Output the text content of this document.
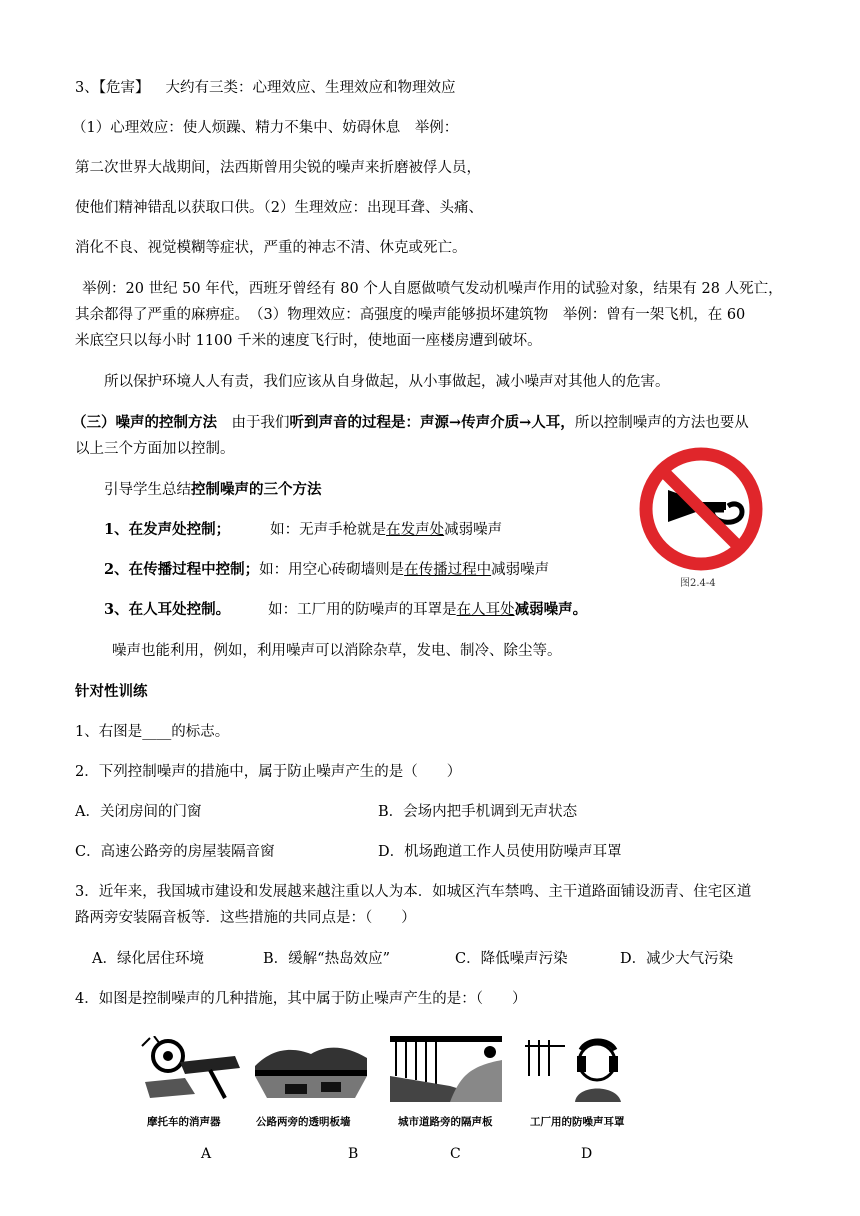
3、【危害】 大约有三类：心理效应、生理效应和物理效应
（1）心理效应：使人烦躁、精力不集中、妨碍休息　举例：
第二次世界大战期间，法西斯曾用尖锐的噪声来折磨被俘人员，
使他们精神错乱以获取口供。（2）生理效应：出现耳聋、头痛、
消化不良、视觉模糊等症状，严重的神志不清、休克或死亡。
举例：20 世纪 50 年代，西班牙曾经有 80 个人自愿做喷气发动机噪声作用的试验对象，结果有 28 人死亡，
其余都得了严重的麻痹症。　（3）物理效应：高强度的噪声能够损坏建筑物　举例：曾有一架飞机，在 60
米底空只以每小时 1100 千米的速度飞行时，使地面一座楼房遭到破坏。
所以保护环境人人有责，我们应该从自身做起，从小事做起，减小噪声对其他人的危害。
（三）噪声的控制方法　由于我们听到声音的过程是：声源→传声介质→人耳，所以控制噪声的方法也要从
以上三个方面加以控制。
引导学生总结控制噪声的三个方法
1、在发声处控制；	如：无声手枪就是在发声处减弱噪声
2、在传播过程中控制；如：用空心砖砌墙则是在传播过程中减弱噪声
3、在人耳处控制。	如：工厂用的防噪声的耳罩是在人耳处减弱噪声。
噪声也能利用，例如，利用噪声可以消除杂草，发电、制冷、除尘等。
图2.4-4
针对性训练
1、右图是____的标志。
2．下列控制噪声的措施中，属于防止噪声产生的是（　　）
A．关闭房间的门窗	B．会场内把手机调到无声状态
C．高速公路旁的房屋装隔音窗	D．机场跑道工作人员使用防噪声耳罩
3．近年来，我国城市建设和发展越来越注重以人为本．如城区汽车禁鸣、主干道路面铺设沥青、住宅区道
路两旁安装隔音板等．这些措施的共同点是：（　　）
A．绿化居住环境	B．缓解“热岛效应”	C．降低噪声污染	D．减少大气污染
4．如图是控制噪声的几种措施，其中属于防止噪声产生的是：（　　）
摩托车的消声器	公路两旁的透明板墙	城市道路旁的隔声板	工厂用的防噪声耳罩
A	B	C	D
